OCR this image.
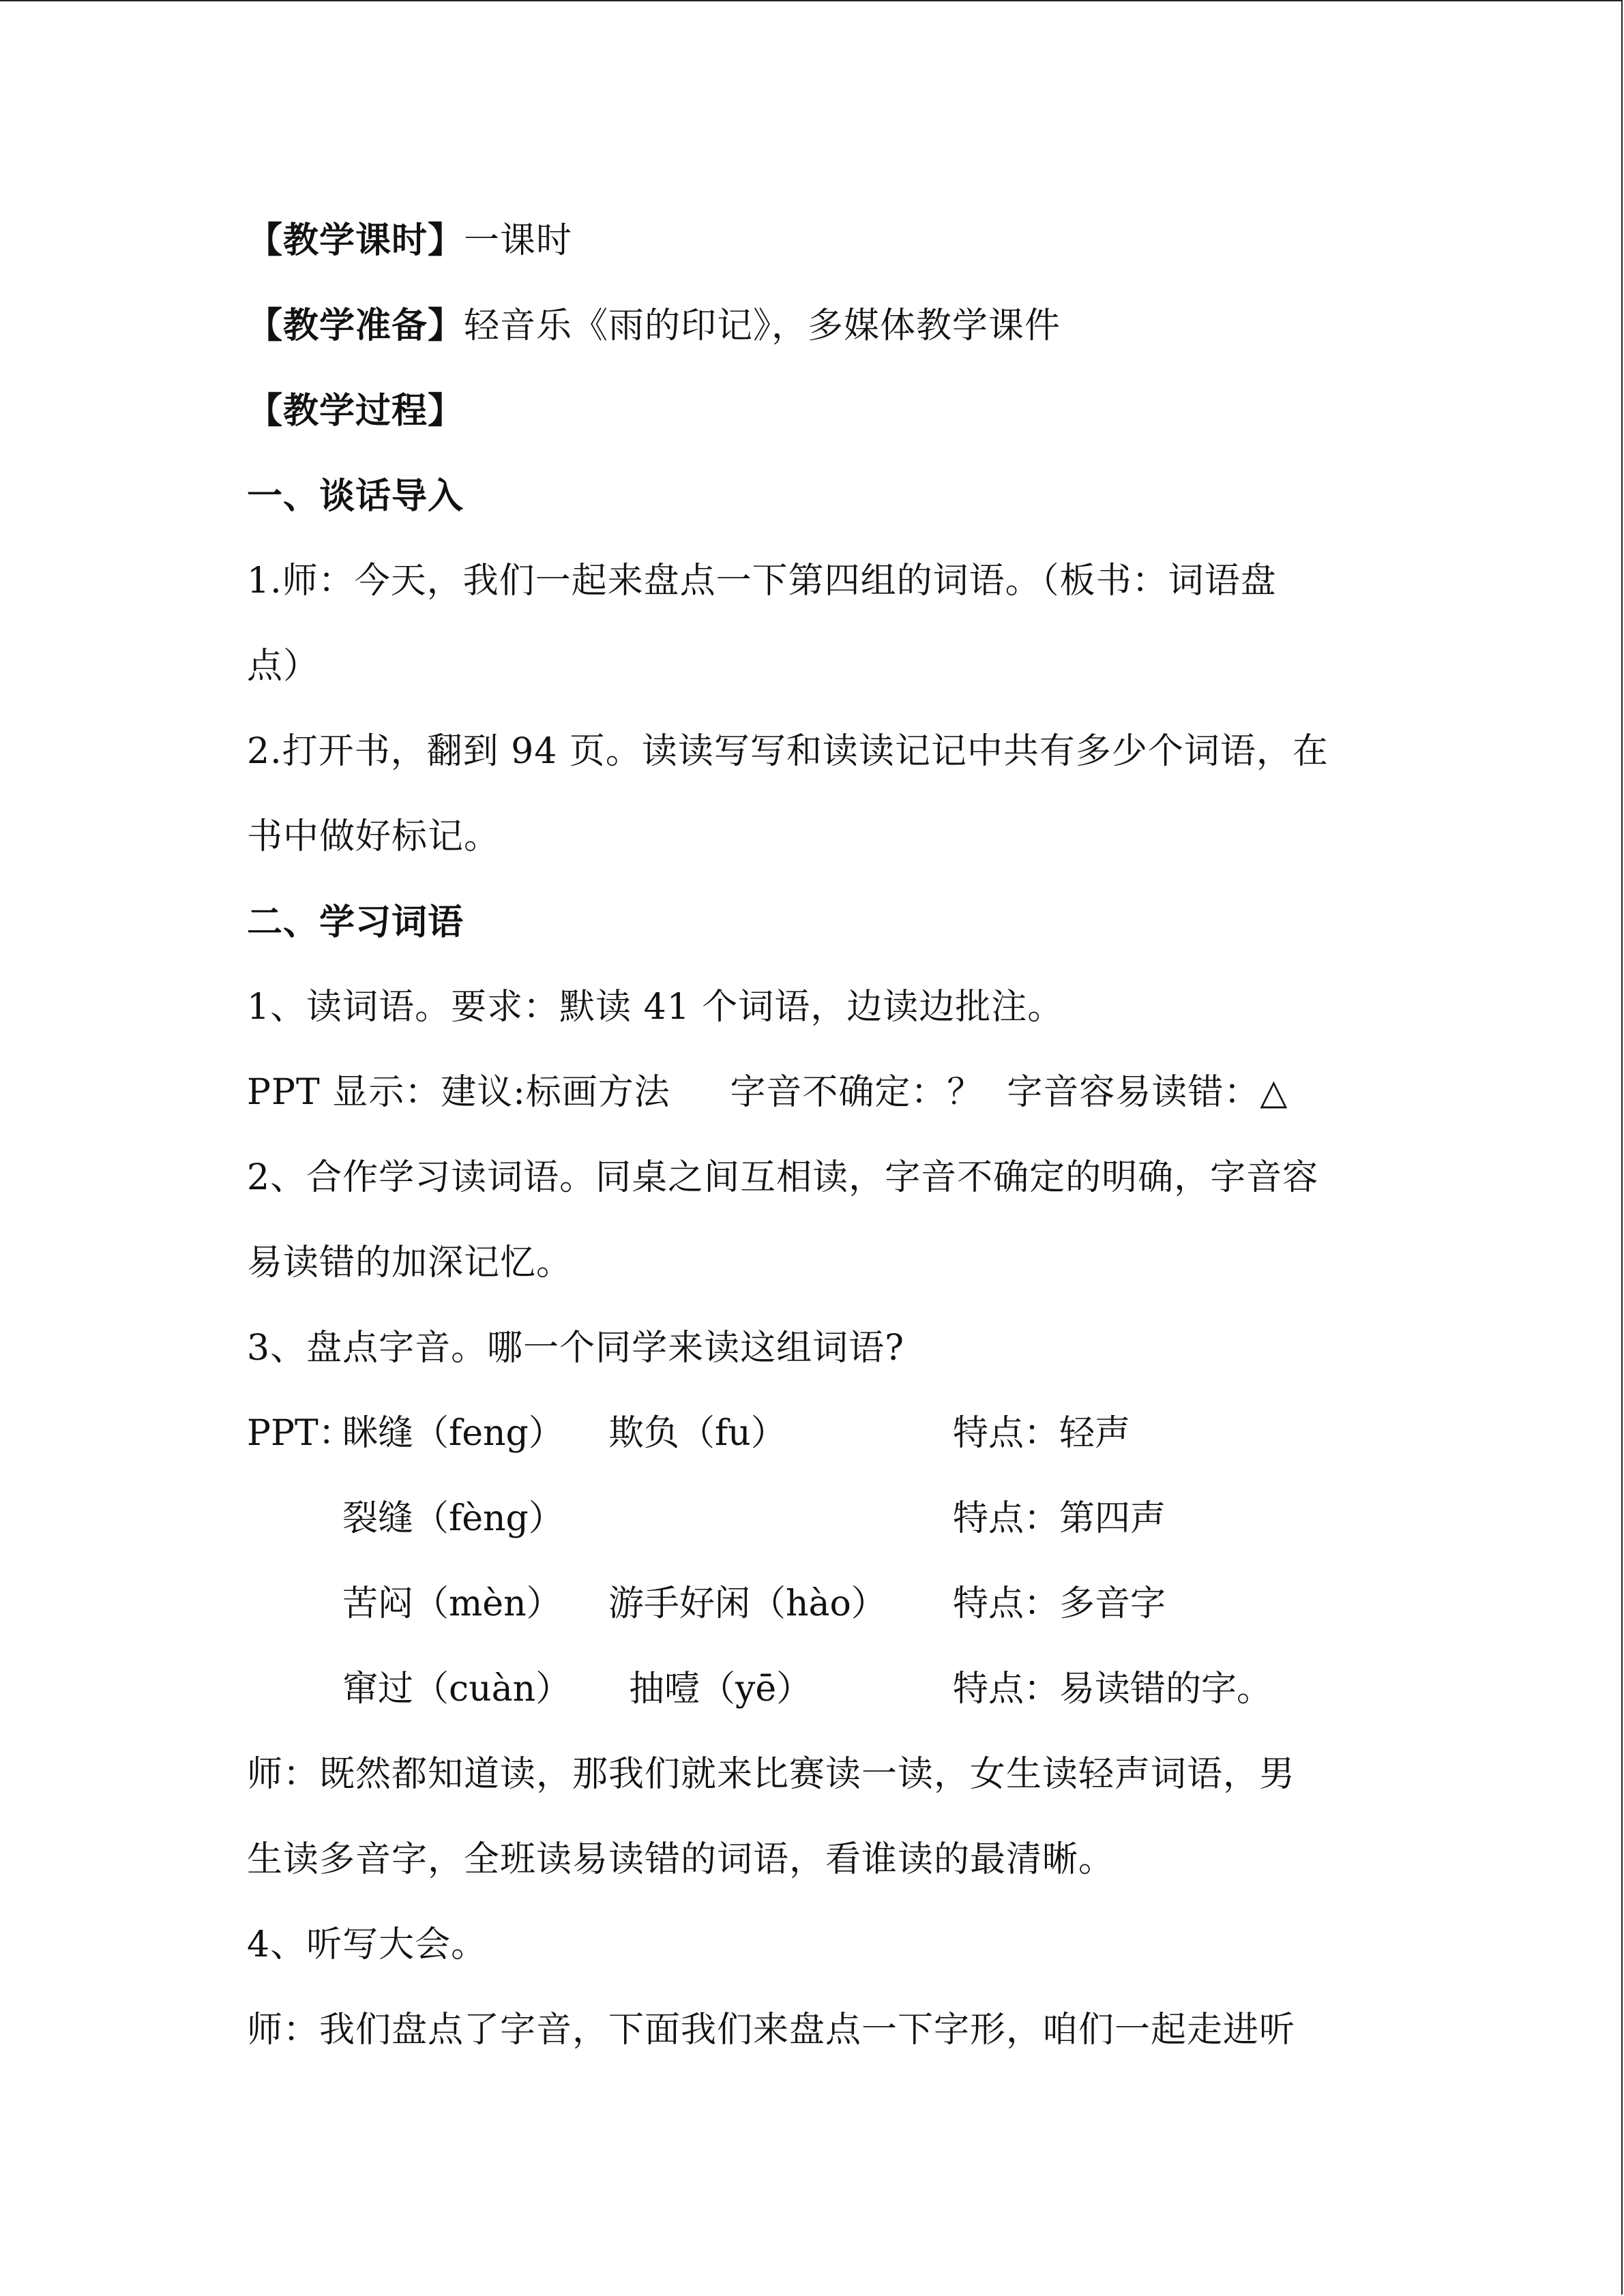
【教学课时】一课时
【教学准备】轻音乐《雨的印记》，多媒体教学课件
【教学过程】
一、谈话导入
1.师：今天，我们一起来盘点一下第四组的词语。（板书：词语盘
点）
2.打开书，翻到 94 页。读读写写和读读记记中共有多少个词语，在
书中做好标记。
二、学习词语
1、读词语。要求：默读 41 个词语，边读边批注。
PPT 显示：建议:标画方法     字音不确定：？  字音容易读错：△
2、合作学习读词语。同桌之间互相读，字音不确定的明确，字音容
易读错的加深记忆。
3、盘点字音。哪一个同学来读这组词语?
PPT：
眯缝（feng） 欺负（fu）	特点：轻声
裂缝（fèng）	特点：第四声
苦闷（mèn） 游手好闲（hào） 特点：多音字
窜过（cuàn） 抽噎（yē）	特点：易读错的字。
师：既然都知道读，那我们就来比赛读一读，女生读轻声词语，男
生读多音字，全班读易读错的词语，看谁读的最清晰。
4、听写大会。
师：我们盘点了字音，下面我们来盘点一下字形，咱们一起走进听
